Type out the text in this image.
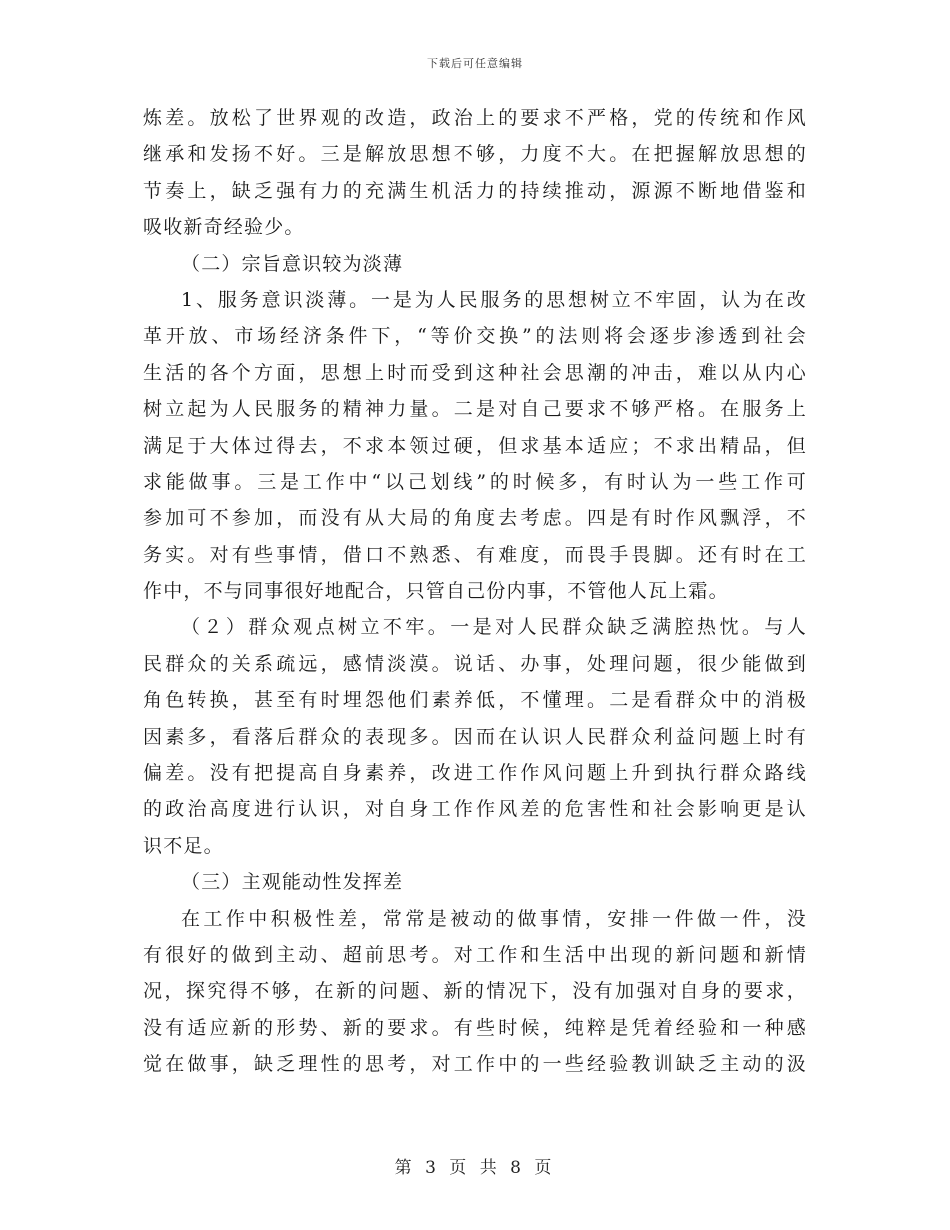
下载后可任意编辑
炼差。放松了世界观的改造，政治上的要求不严格，党的传统和作风
继承和发扬不好。三是解放思想不够，力度不大。在把握解放思想的
节奏上，缺乏强有力的充满生机活力的持续推动，源源不断地借鉴和
吸收新奇经验少。
（二）宗旨意识较为淡薄
1、服务意识淡薄。一是为人民服务的思想树立不牢固，认为在改
革开放、市场经济条件下，“等价交换”的法则将会逐步渗透到社会
生活的各个方面，思想上时而受到这种社会思潮的冲击，难以从内心
树立起为人民服务的精神力量。二是对自己要求不够严格。在服务上
满足于大体过得去，不求本领过硬，但求基本适应；不求出精品，但
求能做事。三是工作中“以己划线”的时候多，有时认为一些工作可
参加可不参加，而没有从大局的角度去考虑。四是有时作风飘浮，不
务实。对有些事情，借口不熟悉、有难度，而畏手畏脚。还有时在工
作中，不与同事很好地配合，只管自己份内事，不管他人瓦上霜。
（２）群众观点树立不牢。一是对人民群众缺乏满腔热忱。与人
民群众的关系疏远，感情淡漠。说话、办事，处理问题，很少能做到
角色转换，甚至有时埋怨他们素养低，不懂理。二是看群众中的消极
因素多，看落后群众的表现多。因而在认识人民群众利益问题上时有
偏差。没有把提高自身素养，改进工作作风问题上升到执行群众路线
的政治高度进行认识，对自身工作作风差的危害性和社会影响更是认
识不足。
（三）主观能动性发挥差
在工作中积极性差，常常是被动的做事情，安排一件做一件，没
有很好的做到主动、超前思考。对工作和生活中出现的新问题和新情
况，探究得不够，在新的问题、新的情况下，没有加强对自身的要求，
没有适应新的形势、新的要求。有些时候，纯粹是凭着经验和一种感
觉在做事，缺乏理性的思考，对工作中的一些经验教训缺乏主动的汲
第 3 页 共 8 页
